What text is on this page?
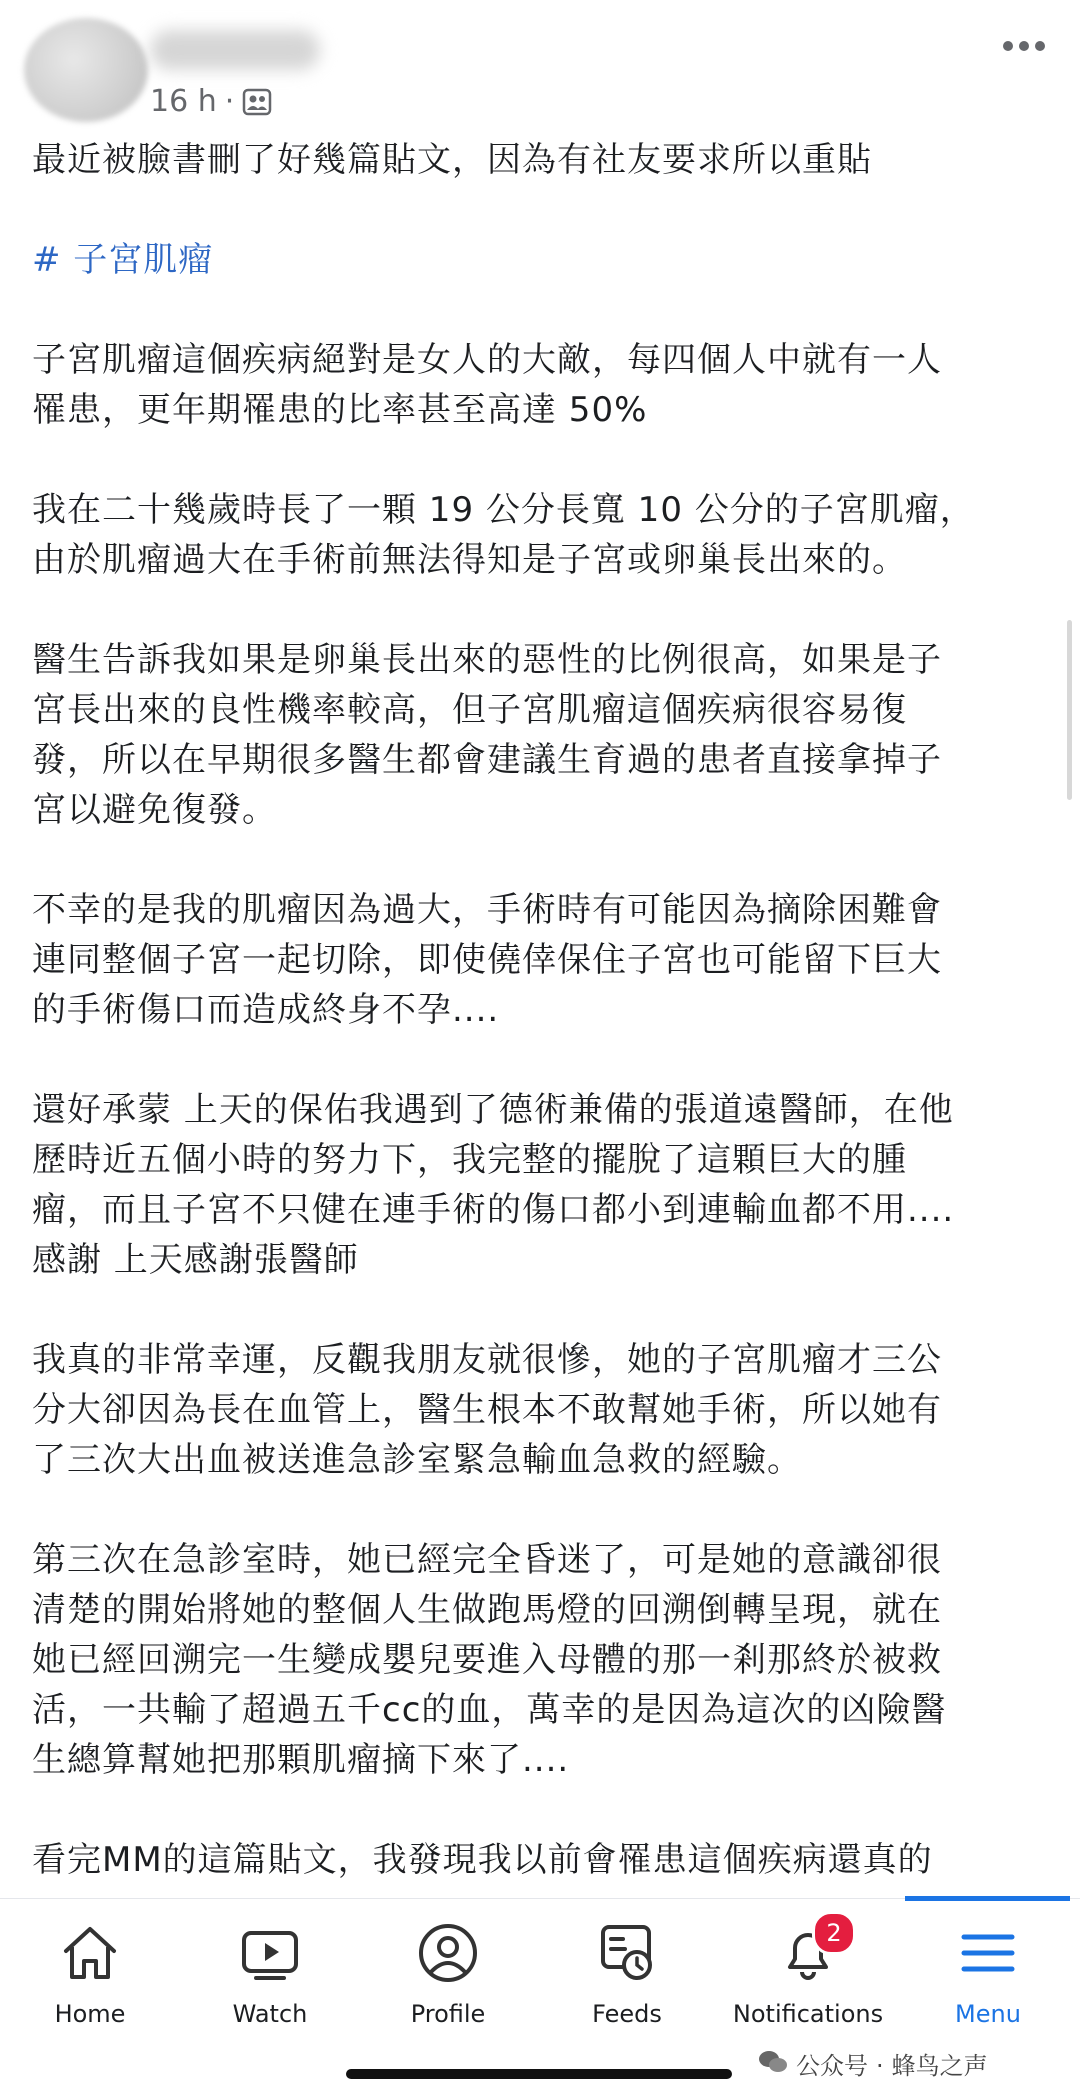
16 h ·

最近被臉書刪了好幾篇貼文，因為有社友要求所以重貼

# 子宮肌瘤

子宮肌瘤這個疾病絕對是女人的大敵，每四個人中就有一人
罹患，更年期罹患的比率甚至高達 50%

我在二十幾歲時長了一顆 19 公分長寬 10 公分的子宮肌瘤，
由於肌瘤過大在手術前無法得知是子宮或卵巢長出來的。

醫生告訴我如果是卵巢長出來的惡性的比例很高，如果是子
宮長出來的良性機率較高，但子宮肌瘤這個疾病很容易復
發，所以在早期很多醫生都會建議生育過的患者直接拿掉子
宮以避免復發。

不幸的是我的肌瘤因為過大，手術時有可能因為摘除困難會
連同整個子宮一起切除，即使僥倖保住子宮也可能留下巨大
的手術傷口而造成終身不孕....

還好承蒙 上天的保佑我遇到了德術兼備的張道遠醫師，在他
歷時近五個小時的努力下，我完整的擺脫了這顆巨大的腫
瘤，而且子宮不只健在連手術的傷口都小到連輸血都不用....
感謝 上天感謝張醫師

我真的非常幸運，反觀我朋友就很慘，她的子宮肌瘤才三公
分大卻因為長在血管上，醫生根本不敢幫她手術，所以她有
了三次大出血被送進急診室緊急輸血急救的經驗。

第三次在急診室時，她已經完全昏迷了，可是她的意識卻很
清楚的開始將她的整個人生做跑馬燈的回溯倒轉呈現，就在
她已經回溯完一生變成嬰兒要進入母體的那一剎那終於被救
活，一共輸了超過五千cc的血，萬幸的是因為這次的凶險醫
生總算幫她把那顆肌瘤摘下來了....

看完MM的這篇貼文，我發現我以前會罹患這個疾病還真的

Home	Watch	Profile	Feeds
2
Notifications	Menu
公众号 · 蜂鸟之声
